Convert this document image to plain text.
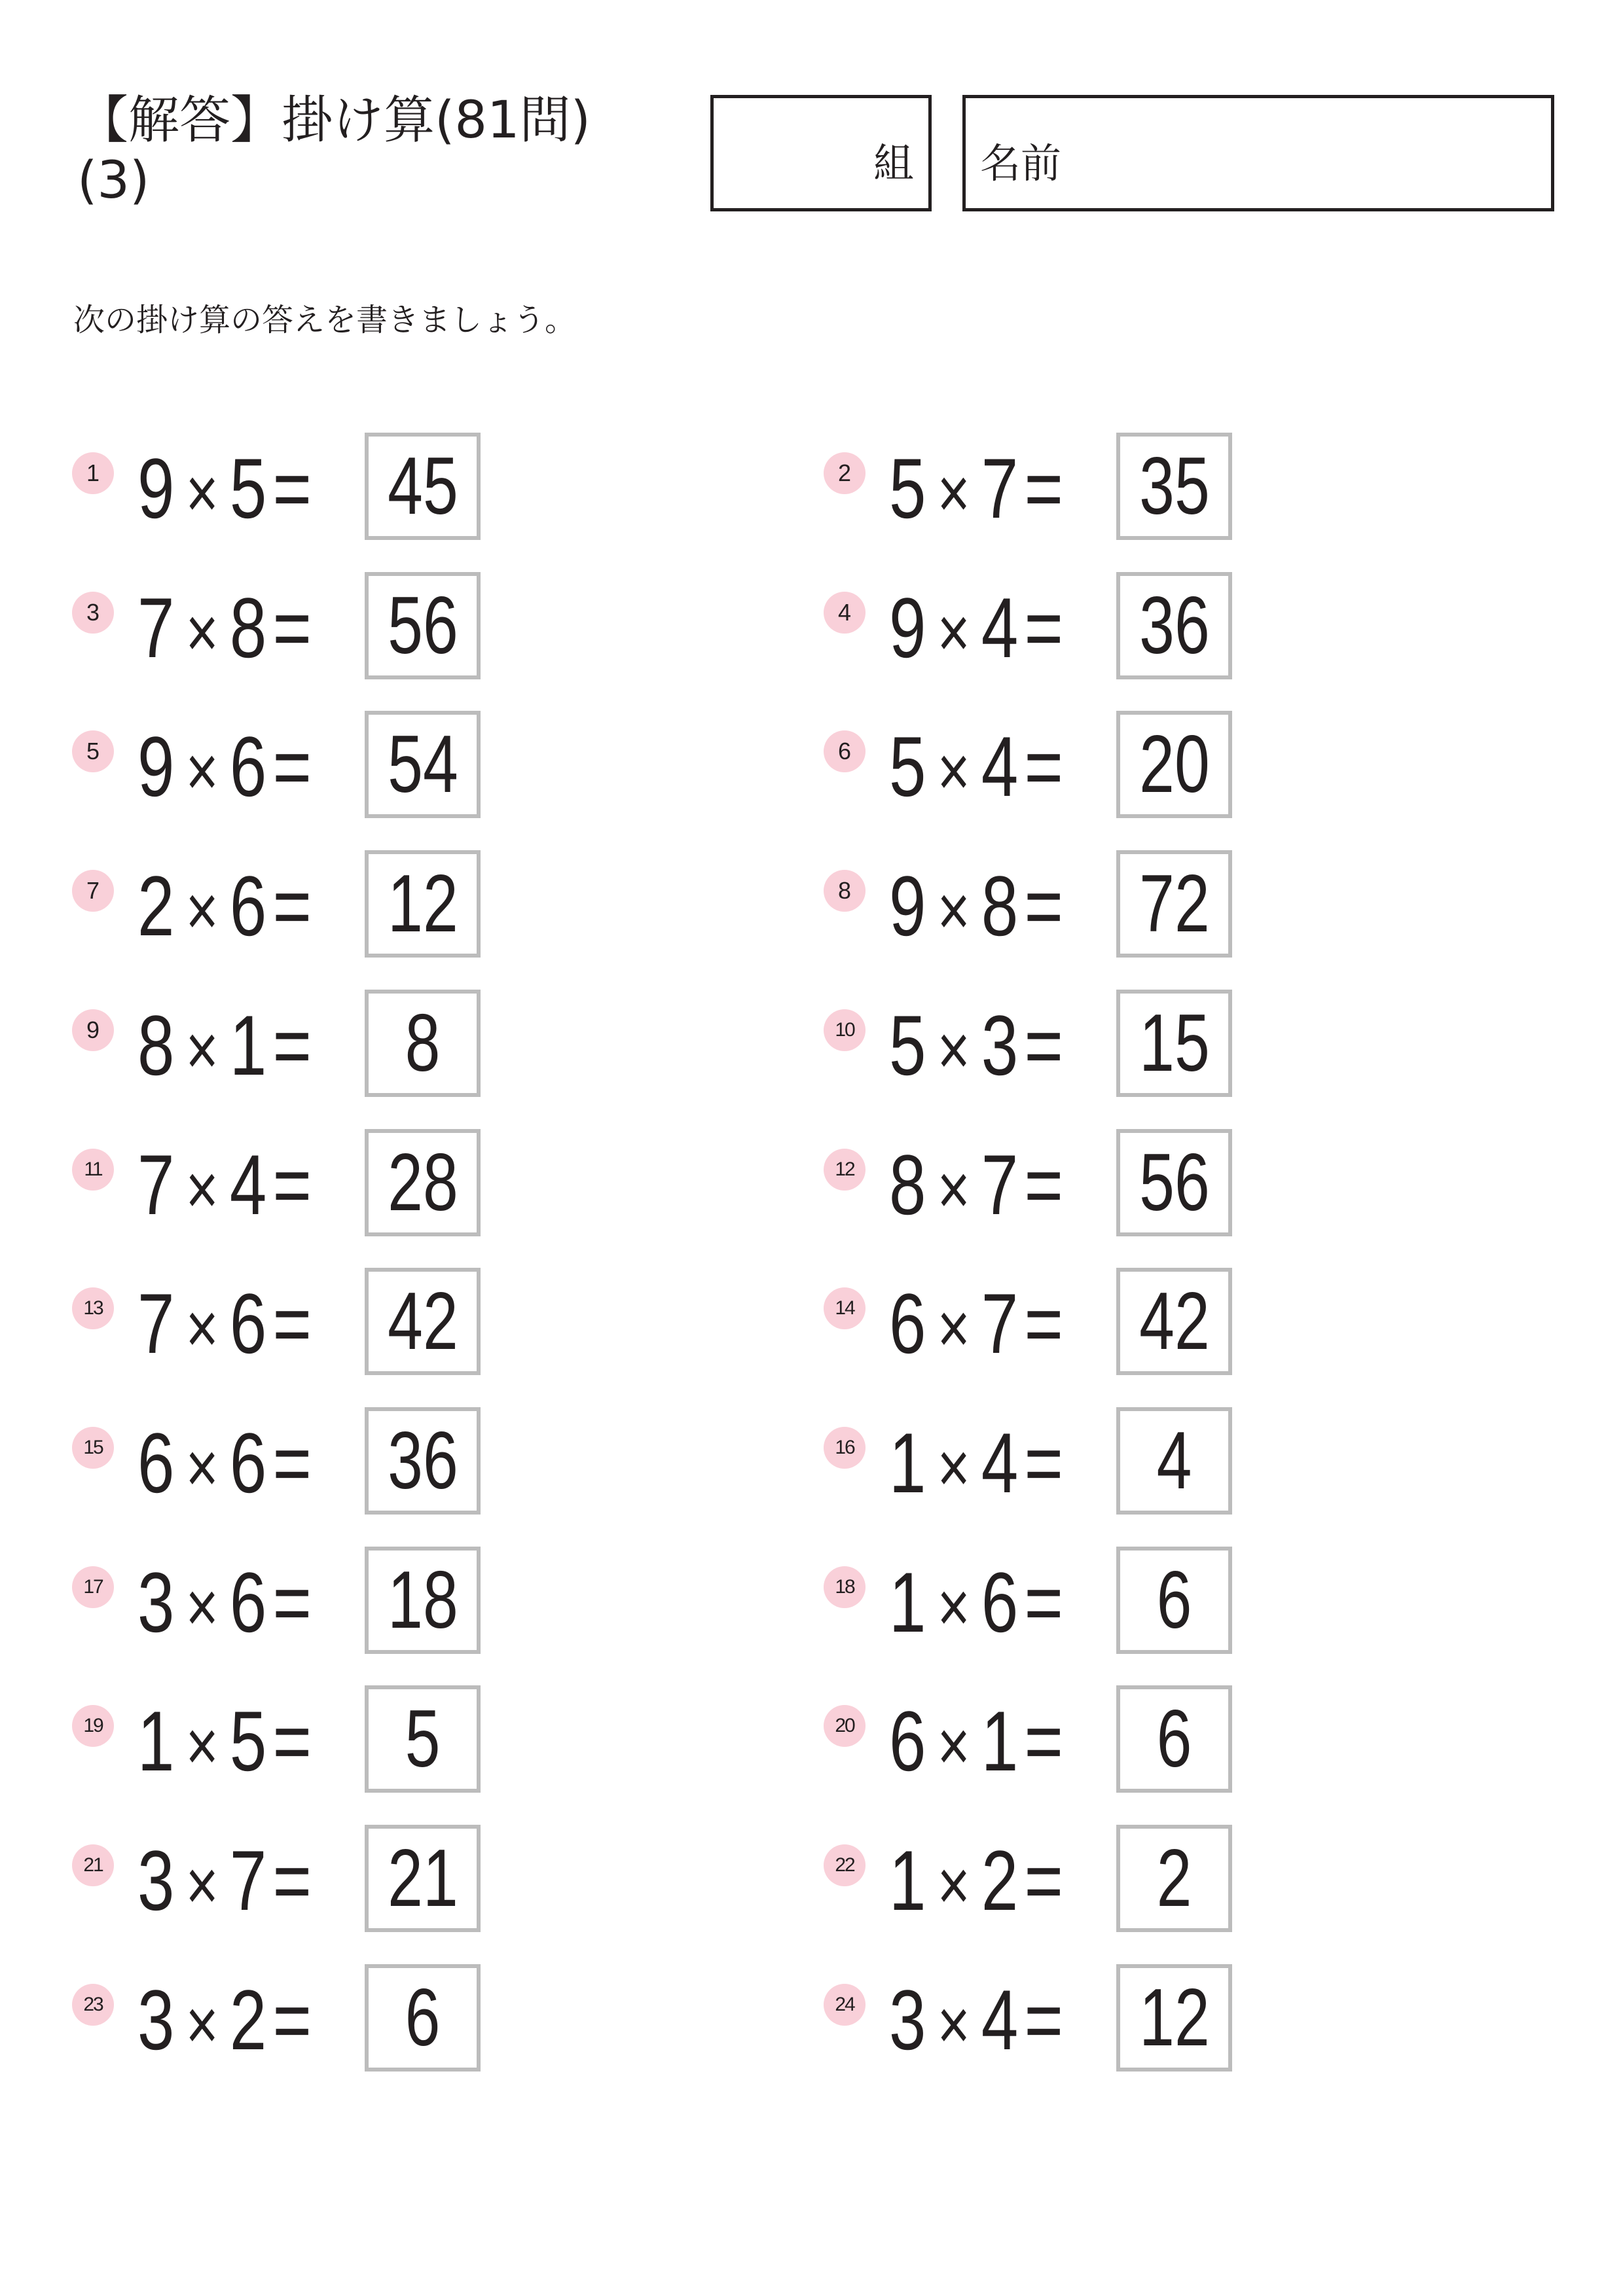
【解答】掛け算(81問)
(3)	組 名前

次の掛け算の答えを書きましょう。

1 9 × 5= 45	2 5 × 7= 35
3 7 × 8= 56	4 9 × 4= 36
5 9 × 6= 54	6 5 × 4= 20
7 2 × 6= 12	8 9 × 8= 72
9 8 × 1= 8	10 5 × 3= 15
11 7 × 4= 28	12 8 × 7= 56
13 7 × 6= 42	14 6 × 7= 42
15 6 × 6= 36	16 1 × 4= 4
17 3 × 6= 18	18 1 × 6= 6
19 1 × 5= 5	20 6 × 1= 6
21 3 × 7= 21	22 1 × 2= 2
23 3 × 2= 6	24 3 × 4= 12
